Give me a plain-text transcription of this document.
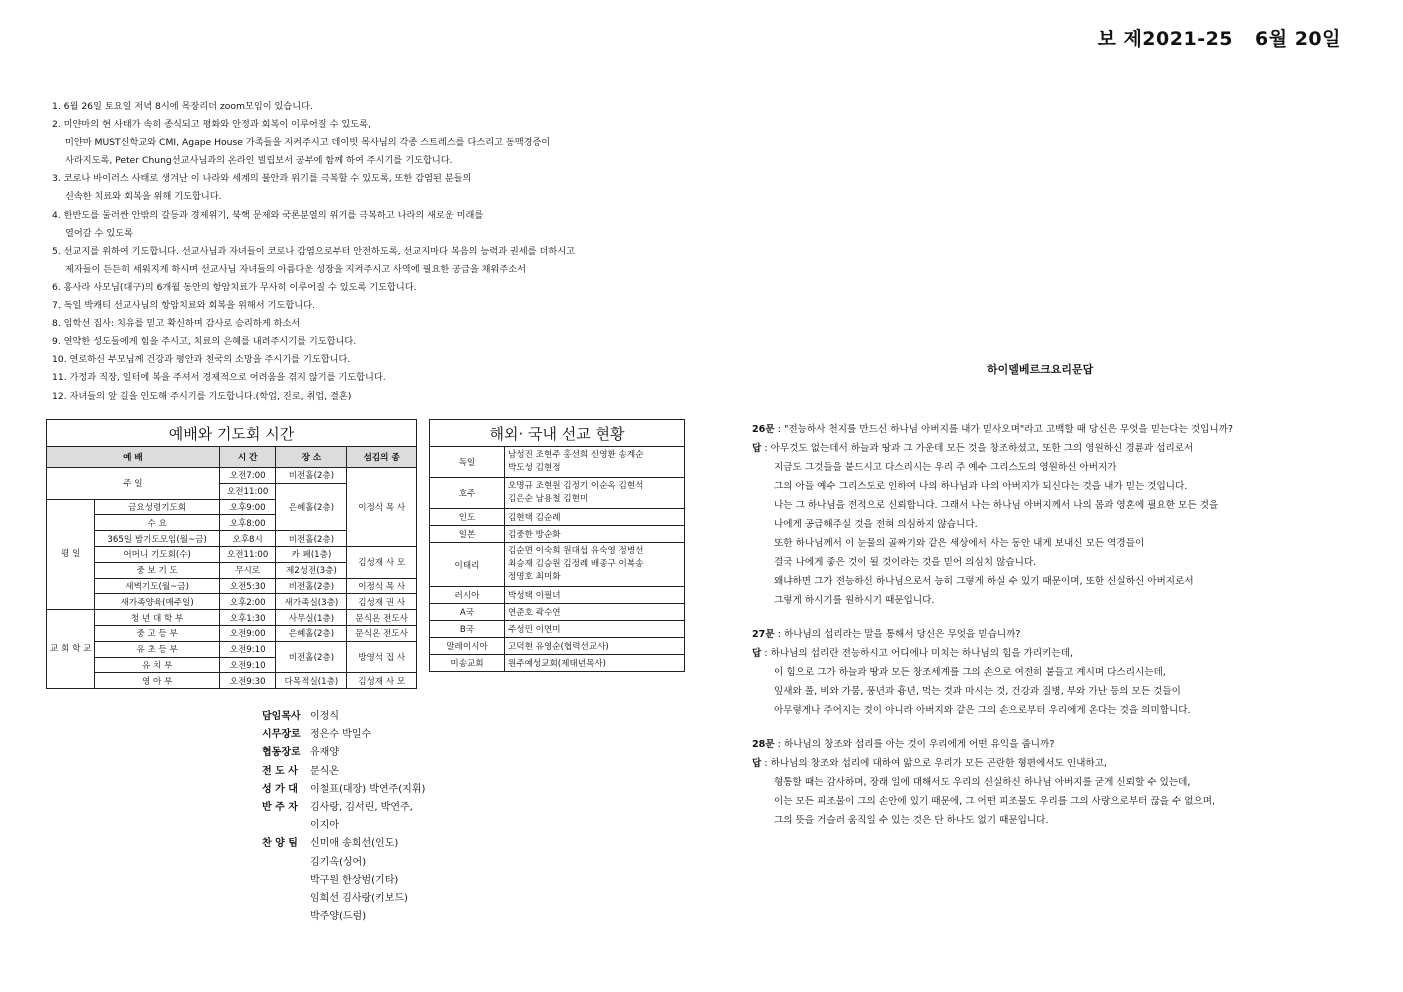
보 제2021-25 6월 20일
1. 6월 26일 토요일 저녁 8시에 목장리더 zoom모임이 있습니다.
2. 미얀마의 현 사태가 속히 종식되고 평화와 안정과 회복이 이루어질 수 있도록,
미얀마 MUST신학교와 CMI, Agape House 가족들을 지켜주시고 데이빗 목사님의 각종 스트레스를 다스리고 동맥경증이
사라지도록, Peter Chung선교사님과의 온라인 빌립보서 공부에 함께 하여 주시기를 기도합니다.
3. 코로나 바이러스 사태로 생겨난 이 나라와 세계의 불안과 위기를 극복할 수 있도록, 또한 감염된 분들의
신속한 치료와 회복을 위해 기도합니다.
4. 한반도를 둘러싼 안밖의 갈등과 경제위기, 북핵 문제와 국론분열의 위기를 극복하고 나라의 새로운 미래를
열어갈 수 있도록
5. 선교지를 위하여 기도합니다. 선교사님과 자녀들이 코로나 감염으로부터 안전하도록, 선교지마다 복음의 능력과 권세를 더하시고
제자들이 든든히 세워지게 하시며 선교사님 자녀들의 아름다운 성장을 지켜주시고 사역에 필요한 공급을 채워주소서
6. 홍사라 사모님(대구)의 6개월 동안의 항암치료가 무사히 이루어질 수 있도록 기도합니다.
7. 독일 박캐티 선교사님의 항암치료와 회복을 위해서 기도합니다.
8. 임학선 집사: 치유를 믿고 확신하며 감사로 승리하게 하소서
9. 연약한 성도들에게 힘을 주시고, 치료의 은혜를 내려주시기를 기도합니다.
10. 연로하신 부모님께 건강과 평안과 천국의 소망을 주시기를 기도합니다.
11. 가정과 직장, 일터에 복을 주셔서 경제적으로 어려움을 겪지 않기를 기도합니다.
12. 자녀들의 앞 길을 인도해 주시기를 기도합니다.(학업, 진로, 취업, 결혼)
예배와 기도회 시간				
예 배		시 간	장 소	섬김의 종
주 일		오전7:00	비전홀(2층)	이정식 목 사
		오전11:00	은혜홀(2층)	
평 일	금요성령기도회	오후9:00		
	수 요	오후8:00		
	365일 밤기도모임(월~금)	오후8시	비전홀(2층)	
	어머니 기도회(수)	오전11:00	카 페(1층)	김성재 사 모
	중 보 기 도	무시로	제2성전(3층)	
	새벽기도(월~금)	오전5:30	비전홀(2층)	이정식 목 사
	새가족양육(매주일)	오후2:00	새가족실(3층)	김성재 권 사
교 회 학 교	청 년 대 학 부	오후1:30	사무실(1층)	문식온 전도사
	중 고 등 부	오전9:00	은혜홀(2층)	문식온 전도사
	유 초 등 부	오전9:10	비전홀(2층)	방영석 집 사
	유 치 부	오전9:10		
	영 아 부	오전9:30	다목적실(1층)	김성재 사 모
해외· 국내 선교 현황	
독일	남성진 조현주 홍선희 신영환 송계순
박도성 김현정

호주	오명규 조현원 김정기 이순옥 김현석
김은순 남용철 김현미

인도	김현택 김순례
일본	김중한 방순화
이태리	김순면 이숙희 원대섭 유숙영 정병선
최승재 김승원 김정례 배종구 이복송
정명호 최미화

러시아	박성택 이필녀
A국	연준호 곽수연
B국	주성민 이연미
말레이시아	고덕현 유영순(협력선교사)
미송교회	원주예성교회(제태년목사)
담임목사 이정식
시무장로 정은수 박일수
협동장로 유재양
전 도 사	문식온
성 가 대	이철표(대장) 박연주(지휘)
반 주 자	김사랑, 김서린, 박연주,
이지아
찬 양 팀	신미애 송희선(인도)
김기옥(싱어)
박구원 한상범(기타)
임희선 김사랑(키보드)
박주양(드럼)
하이델베르크요리문답
26문 : "전능하사 천지를 만드신 하나님 아버지를 내가 믿사오며"라고 고백할 때 당신은 무엇을 믿는다는 것입니까?
답 : 아무것도 없는데서 하늘과 땅과 그 가운데 모든 것을 창조하셨고, 또한 그의 영원하신 경륜과 섭리로서
지금도 그것들을 붙드시고 다스리시는 우리 주 예수 그리스도의 영원하신 아버지가
그의 아들 예수 그리스도로 인하여 나의 하나님과 나의 아버지가 되신다는 것을 내가 믿는 것입니다.
나는 그 하나님을 전적으로 신뢰합니다. 그래서 나는 하나님 아버지께서 나의 몸과 영혼에 필요한 모든 것을
나에게 공급해주실 것을 전혀 의심하지 않습니다.
또한 하나님께서 이 눈물의 골짜기와 같은 세상에서 사는 동안 내게 보내신 모든 역경들이
결국 나에게 좋은 것이 될 것이라는 것을 믿어 의심치 않습니다.
왜냐하면 그가 전능하신 하나님으로서 능히 그렇게 하실 수 있기 때문이며, 또한 신실하신 아버지로서
그렇게 하시기를 원하시기 때문입니다.
27문 : 하나님의 섭리라는 말을 통해서 당신은 무엇을 믿습니까?
답 : 하나님의 섭리란 전능하시고 어디에나 미치는 하나님의 힘을 가리키는데,
이 힘으로 그가 하늘과 땅과 모든 창조세계를 그의 손으로 여전히 붙들고 계시며 다스리시는데,
잎새와 풀, 비와 가뭄, 풍년과 흉년, 먹는 것과 마시는 것, 건강과 질병, 부와 가난 등의 모든 것들이
아무렇게나 주어지는 것이 아니라 아버지와 같은 그의 손으로부터 우리에게 온다는 것을 의미합니다.
28문 : 하나님의 창조와 섭리를 아는 것이 우리에게 어떤 유익을 줍니까?
답 : 하나님의 창조와 섭리에 대하여 앎으로 우리가 모든 곤란한 형편에서도 인내하고,
형통할 때는 감사하며, 장래 일에 대해서도 우리의 신실하신 하나님 아버지를 굳게 신뢰할 수 있는데,
이는 모든 피조물이 그의 손안에 있기 때문에, 그 어떤 피조물도 우리를 그의 사랑으로부터 끊을 수 없으며,
그의 뜻을 거슬러 움직일 수 있는 것은 단 하나도 없기 때문입니다.
